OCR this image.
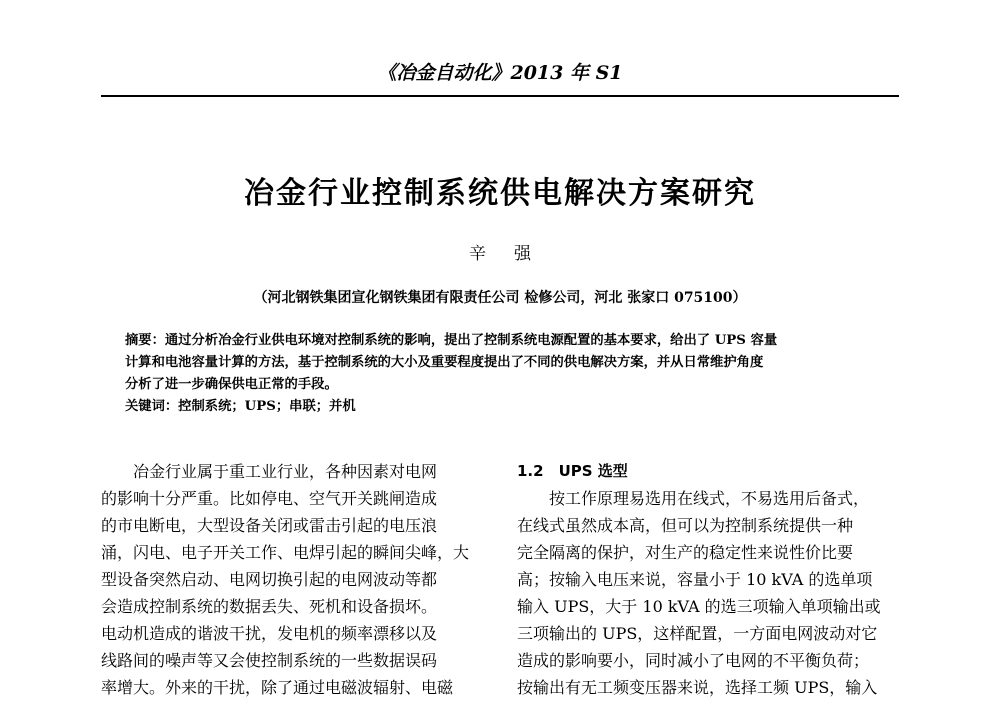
《冶金自动化》2013 年 S1
冶金行业控制系统供电解决方案研究
辛强
（河北钢铁集团宣化钢铁集团有限责任公司 检修公司，河北 张家口 075100）
摘要：通过分析冶金行业供电环境对控制系统的影响，提出了控制系统电源配置的基本要求，给出了 UPS 容量
计算和电池容量计算的方法，基于控制系统的大小及重要程度提出了不同的供电解决方案，并从日常维护角度
分析了进一步确保供电正常的手段。
关键词：控制系统；UPS；串联；并机
　　冶金行业属于重工业行业，各种因素对电网
的影响十分严重。比如停电、空气开关跳闸造成
的市电断电，大型设备关闭或雷击引起的电压浪
涌，闪电、电子开关工作、电焊引起的瞬间尖峰，大
型设备突然启动、电网切换引起的电网波动等都
会造成控制系统的数据丢失、死机和设备损坏。
电动机造成的谐波干扰，发电机的频率漂移以及
线路间的噪声等又会使控制系统的一些数据误码
率增大。外来的干扰，除了通过电磁波辐射、电磁
1.2　UPS 选型
　　按工作原理易选用在线式，不易选用后备式，
在线式虽然成本高，但可以为控制系统提供一种
完全隔离的保护，对生产的稳定性来说性价比要
高；按输入电压来说，容量小于 10 kVA 的选单项
输入 UPS，大于 10 kVA 的选三项输入单项输出或
三项输出的 UPS，这样配置，一方面电网波动对它
造成的影响要小，同时减小了电网的不平衡负荷；
按输出有无工频变压器来说，选择工频 UPS，输入
